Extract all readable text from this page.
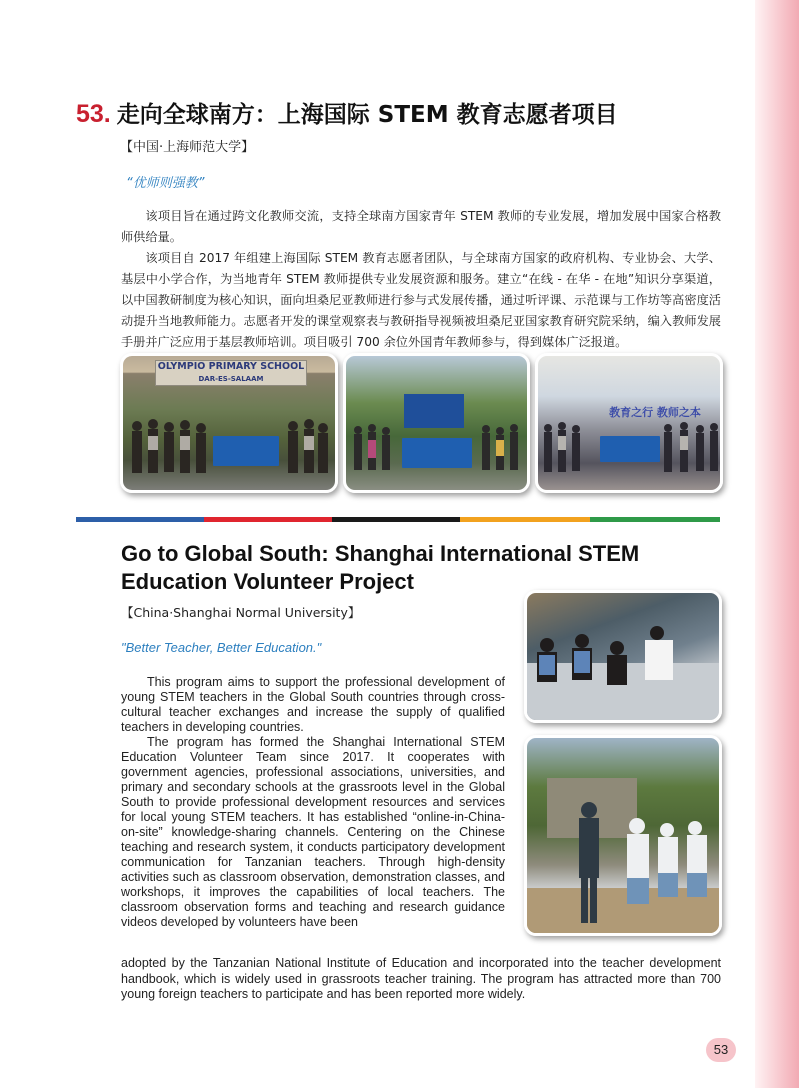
53. 走向全球南方：上海国际 STEM 教育志愿者项目
【中国·上海师范大学】
“优师则强教”

该项目旨在通过跨文化教师交流，支持全球南方国家青年 STEM 教师的专业发展，增加发展中国家合格教师供给量。

该项目自 2017 年组建上海国际 STEM 教育志愿者团队，与全球南方国家的政府机构、专业协会、大学、基层中小学合作，为当地青年 STEM 教师提供专业发展资源和服务。建立“在线 - 在华 - 在地”知识分享渠道，以中国教研制度为核心知识，面向坦桑尼亚教师进行参与式发展传播，通过听评课、示范课与工作坊等高密度活动提升当地教师能力。志愿者开发的课堂观察表与教研指导视频被坦桑尼亚国家教育研究院采纳，编入教师发展手册并广泛应用于基层教师培训。项目吸引 700 余位外国青年教师参与，得到媒体广泛报道。

OLYMPIO PRIMARY SCHOOL
DAR-ES-SALAAM
教育之行 教师之本
Go to Global South: Shanghai International STEM Education Volunteer Project
【China·Shanghai Normal University】
"Better Teacher, Better Education."

This program aims to support the professional development of young STEM teachers in the Global South countries through cross-cultural teacher exchanges and increase the supply of qualified teachers in developing countries.

The program has formed the Shanghai International STEM Education Volunteer Team since 2017. It cooperates with government agencies, professional associations, universities, and primary and secondary schools at the grassroots level in the Global South to provide professional development resources and services for local young STEM teachers. It has established “online-in-China-on-site” knowledge-sharing channels. Centering on the Chinese teaching and research system, it conducts participatory development communication for Tanzanian teachers. Through high-density activities such as classroom observation, demonstration classes, and workshops, it improves the capabilities of local teachers. The classroom observation forms and teaching and research guidance videos developed by volunteers have been

adopted by the Tanzanian National Institute of Education and incorporated into the teacher development handbook, which is widely used in grassroots teacher training. The program has attracted more than 700 young foreign teachers to participate and has been reported more widely.

53
